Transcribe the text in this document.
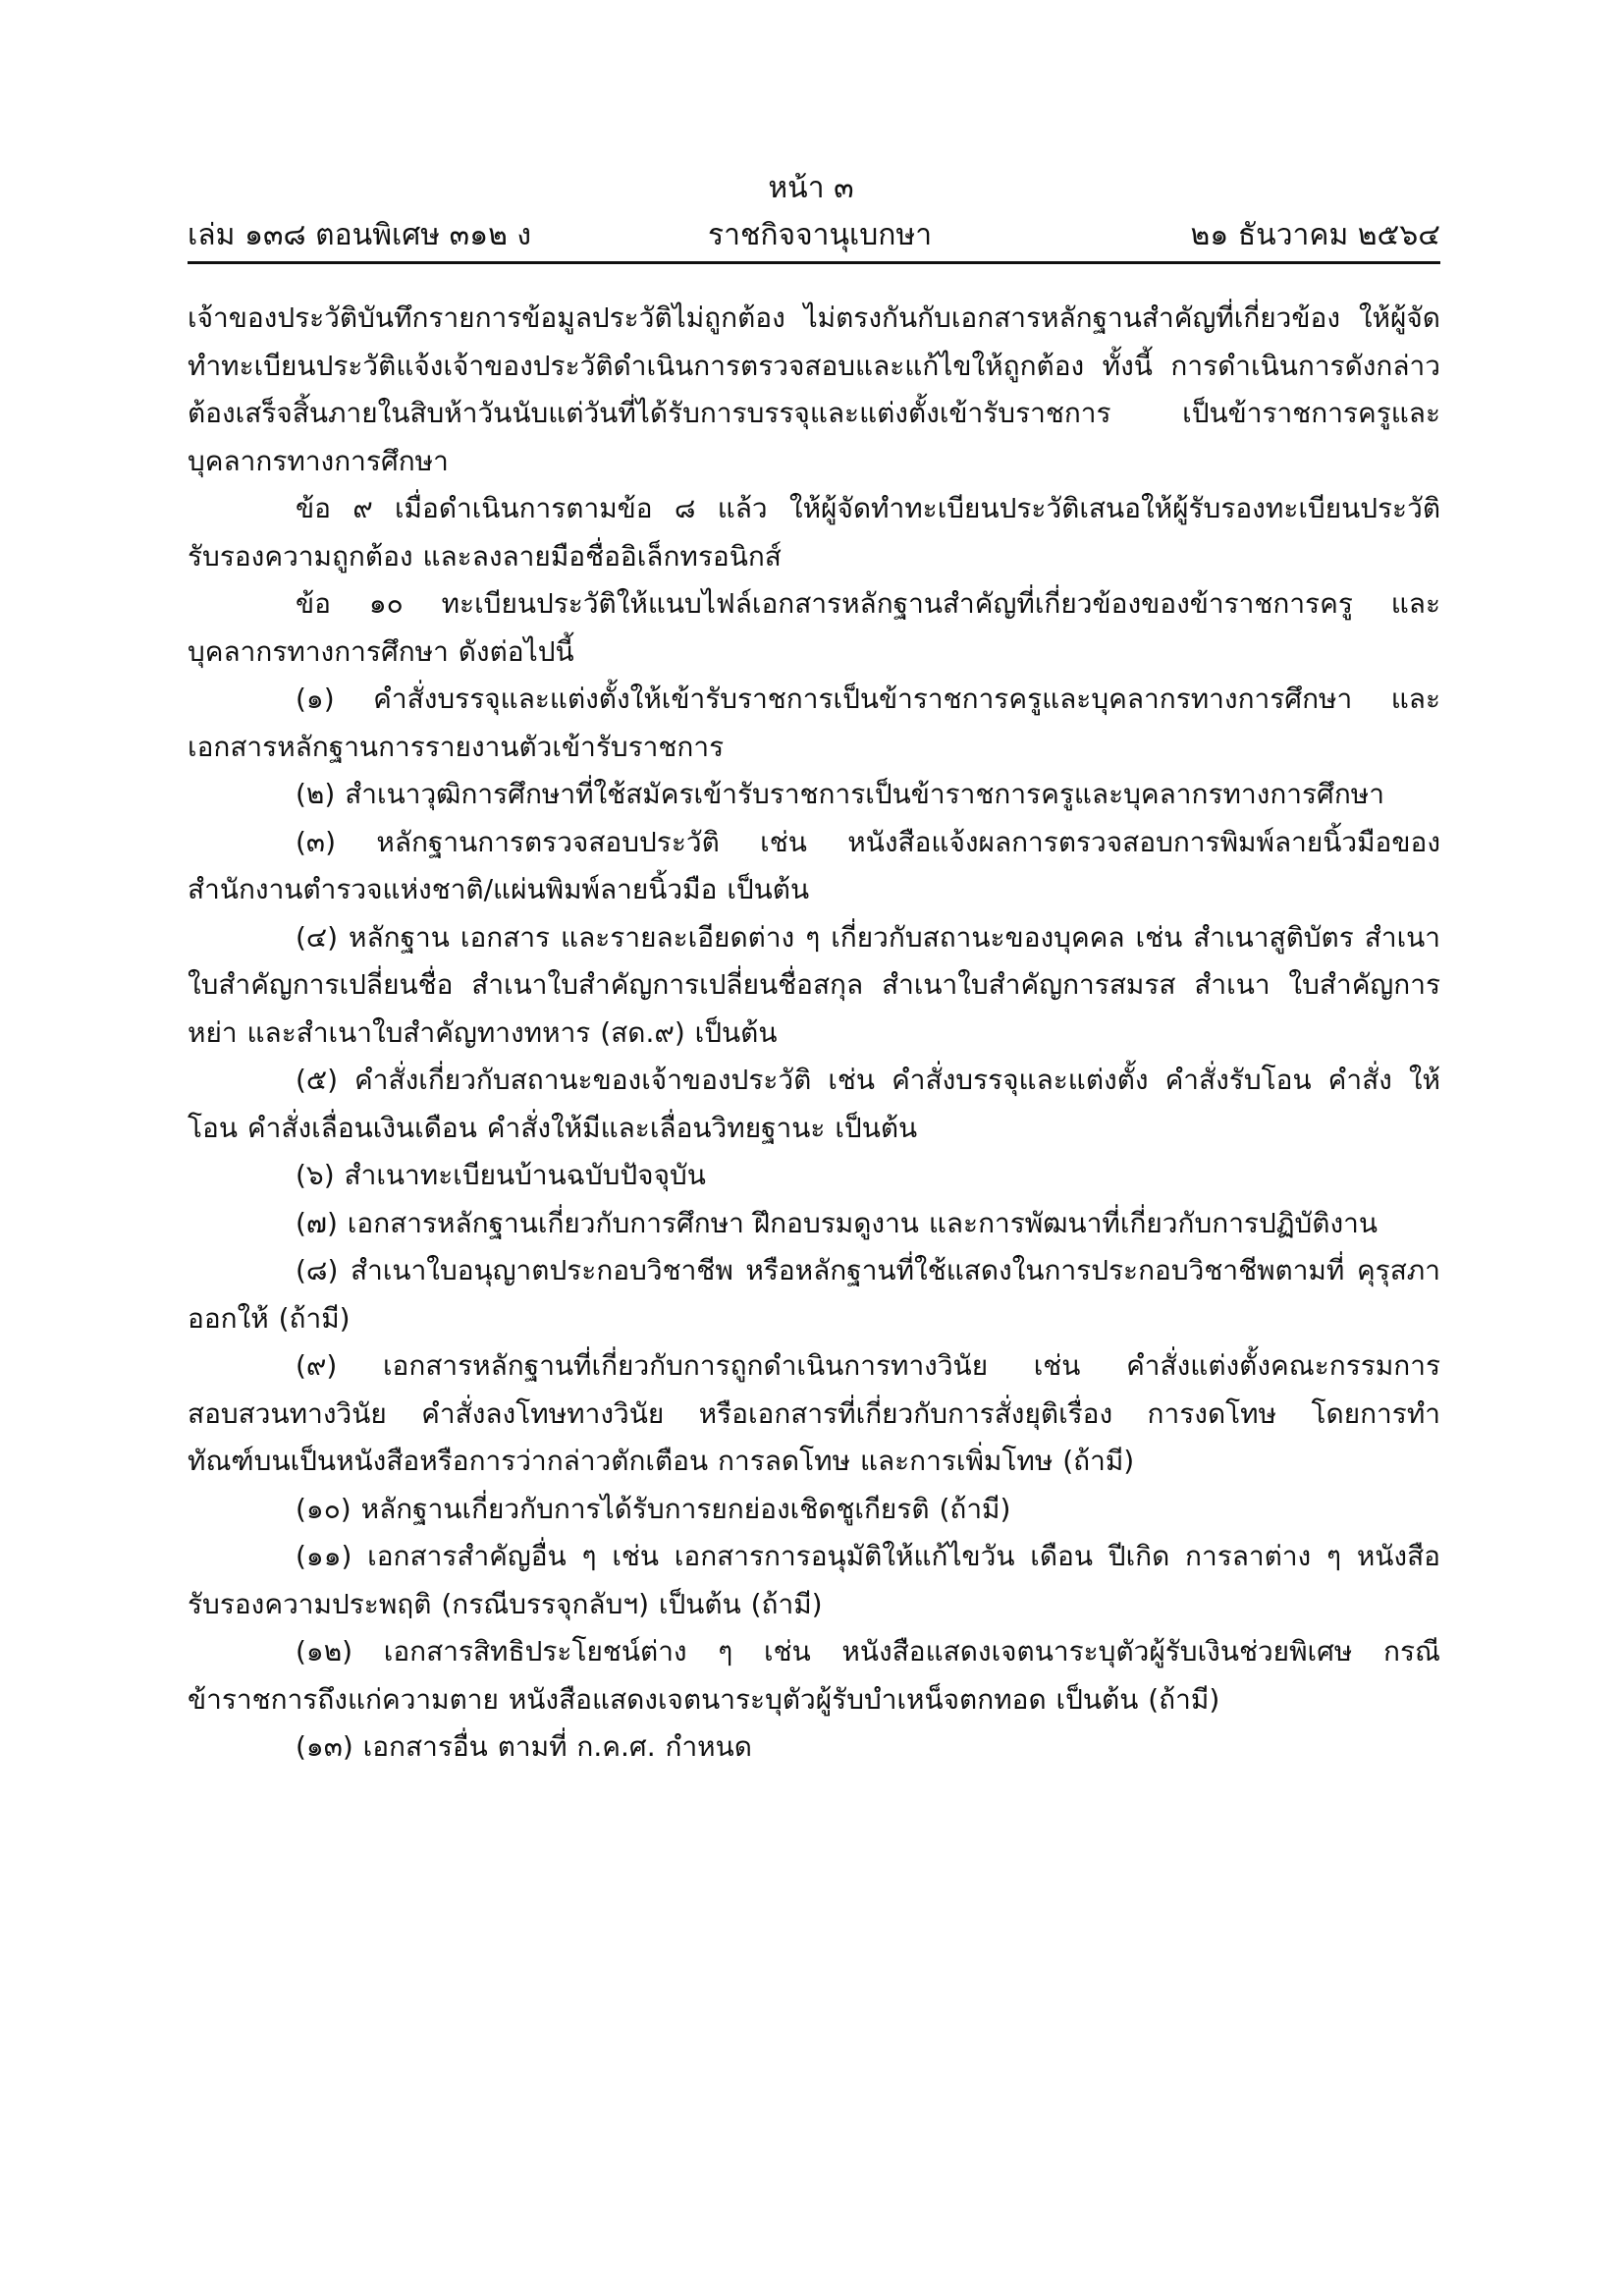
หน้า ๓
เล่ม ๑๓๘ ตอนพิเศษ ๓๑๒ ง	ราชกิจจานุเบกษา	๒๑ ธันวาคม ๒๕๖๔

เจ้าของประวัติบันทึกรายการข้อมูลประวัติไม่ถูกต้อง ไม่ตรงกันกับเอกสารหลักฐานสำคัญที่เกี่ยวข้อง ให้ผู้จัดทำทะเบียนประวัติแจ้งเจ้าของประวัติดำเนินการตรวจสอบและแก้ไขให้ถูกต้อง ทั้งนี้ การดำเนินการดังกล่าวต้องเสร็จสิ้นภายในสิบห้าวันนับแต่วันที่ได้รับการบรรจุและแต่งตั้งเข้ารับราชการ เป็นข้าราชการครูและบุคลากรทางการศึกษา

ข้อ ๙ เมื่อดำเนินการตามข้อ ๘ แล้ว ให้ผู้จัดทำทะเบียนประวัติเสนอให้ผู้รับรองทะเบียนประวัติ รับรองความถูกต้อง และลงลายมือชื่ออิเล็กทรอนิกส์

ข้อ ๑๐ ทะเบียนประวัติให้แนบไฟล์เอกสารหลักฐานสำคัญที่เกี่ยวข้องของข้าราชการครู และบุคลากรทางการศึกษา ดังต่อไปนี้

(๑) คำสั่งบรรจุและแต่งตั้งให้เข้ารับราชการเป็นข้าราชการครูและบุคลากรทางการศึกษา และเอกสารหลักฐานการรายงานตัวเข้ารับราชการ

(๒) สำเนาวุฒิการศึกษาที่ใช้สมัครเข้ารับราชการเป็นข้าราชการครูและบุคลากรทางการศึกษา

(๓) หลักฐานการตรวจสอบประวัติ เช่น หนังสือแจ้งผลการตรวจสอบการพิมพ์ลายนิ้วมือของ สำนักงานตำรวจแห่งชาติ/แผ่นพิมพ์ลายนิ้วมือ เป็นต้น

(๔) หลักฐาน เอกสาร และรายละเอียดต่าง ๆ เกี่ยวกับสถานะของบุคคล เช่น สำเนาสูติบัตร สำเนาใบสำคัญการเปลี่ยนชื่อ สำเนาใบสำคัญการเปลี่ยนชื่อสกุล สำเนาใบสำคัญการสมรส สำเนา ใบสำคัญการหย่า และสำเนาใบสำคัญทางทหาร (สด.๙) เป็นต้น

(๕) คำสั่งเกี่ยวกับสถานะของเจ้าของประวัติ เช่น คำสั่งบรรจุและแต่งตั้ง คำสั่งรับโอน คำสั่ง ให้โอน คำสั่งเลื่อนเงินเดือน คำสั่งให้มีและเลื่อนวิทยฐานะ เป็นต้น

(๖) สำเนาทะเบียนบ้านฉบับปัจจุบัน

(๗) เอกสารหลักฐานเกี่ยวกับการศึกษา ฝึกอบรมดูงาน และการพัฒนาที่เกี่ยวกับการปฏิบัติงาน

(๘) สำเนาใบอนุญาตประกอบวิชาชีพ หรือหลักฐานที่ใช้แสดงในการประกอบวิชาชีพตามที่ คุรุสภาออกให้ (ถ้ามี)

(๙) เอกสารหลักฐานที่เกี่ยวกับการถูกดำเนินการทางวินัย เช่น คำสั่งแต่งตั้งคณะกรรมการ สอบสวนทางวินัย คำสั่งลงโทษทางวินัย หรือเอกสารที่เกี่ยวกับการสั่งยุติเรื่อง การงดโทษ โดยการทำทัณฑ์บนเป็นหนังสือหรือการว่ากล่าวตักเตือน การลดโทษ และการเพิ่มโทษ (ถ้ามี)

(๑๐) หลักฐานเกี่ยวกับการได้รับการยกย่องเชิดชูเกียรติ (ถ้ามี)

(๑๑) เอกสารสำคัญอื่น ๆ เช่น เอกสารการอนุมัติให้แก้ไขวัน เดือน ปีเกิด การลาต่าง ๆ หนังสือรับรองความประพฤติ (กรณีบรรจุกลับฯ) เป็นต้น (ถ้ามี)

(๑๒) เอกสารสิทธิประโยชน์ต่าง ๆ เช่น หนังสือแสดงเจตนาระบุตัวผู้รับเงินช่วยพิเศษ กรณีข้าราชการถึงแก่ความตาย หนังสือแสดงเจตนาระบุตัวผู้รับบำเหน็จตกทอด เป็นต้น (ถ้ามี)

(๑๓) เอกสารอื่น ตามที่ ก.ค.ศ. กำหนด
